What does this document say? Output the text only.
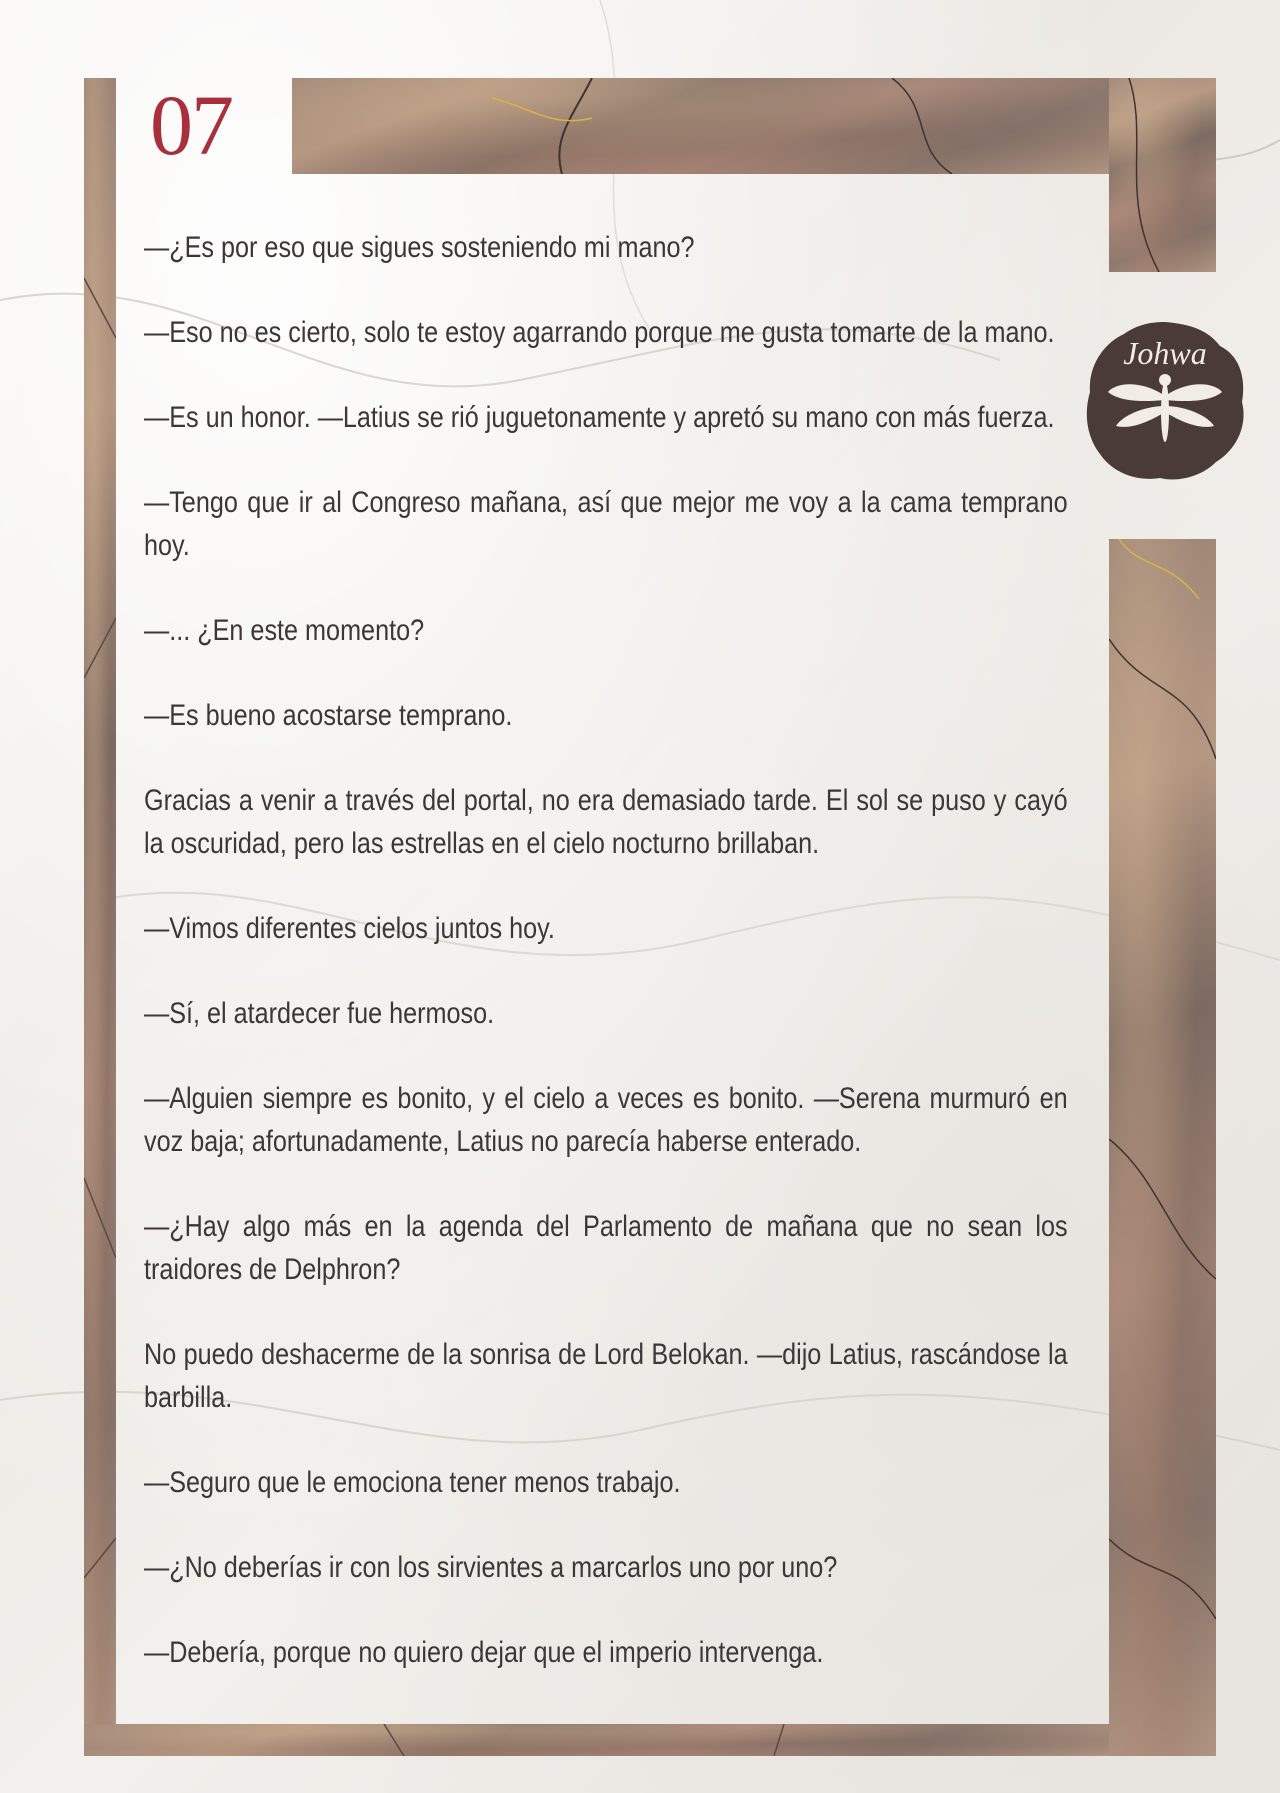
07
Johwa

—¿Es por eso que sigues sosteniendo mi mano?

—Eso no es cierto, solo te estoy agarrando porque me gusta tomarte de la mano.

—Es un honor. —Latius se rió juguetonamente y apretó su mano con más fuerza.

—Tengo que ir al Congreso mañana, así que mejor me voy a la cama temprano hoy.

—... ¿En este momento?

—Es bueno acostarse temprano.

Gracias a venir a través del portal, no era demasiado tarde. El sol se puso y cayó la oscuridad, pero las estrellas en el cielo nocturno brillaban.

—Vimos diferentes cielos juntos hoy.

—Sí, el atardecer fue hermoso.

—Alguien siempre es bonito, y el cielo a veces es bonito. —Serena murmuró en voz baja; afortunadamente, Latius no parecía haberse enterado.

—¿Hay algo más en la agenda del Parlamento de mañana que no sean los traidores de Delphron?

No puedo deshacerme de la sonrisa de Lord Belokan. —dijo Latius, rascándose la barbilla.

—Seguro que le emociona tener menos trabajo.

—¿No deberías ir con los sirvientes a marcarlos uno por uno?

—Debería, porque no quiero dejar que el imperio intervenga.
